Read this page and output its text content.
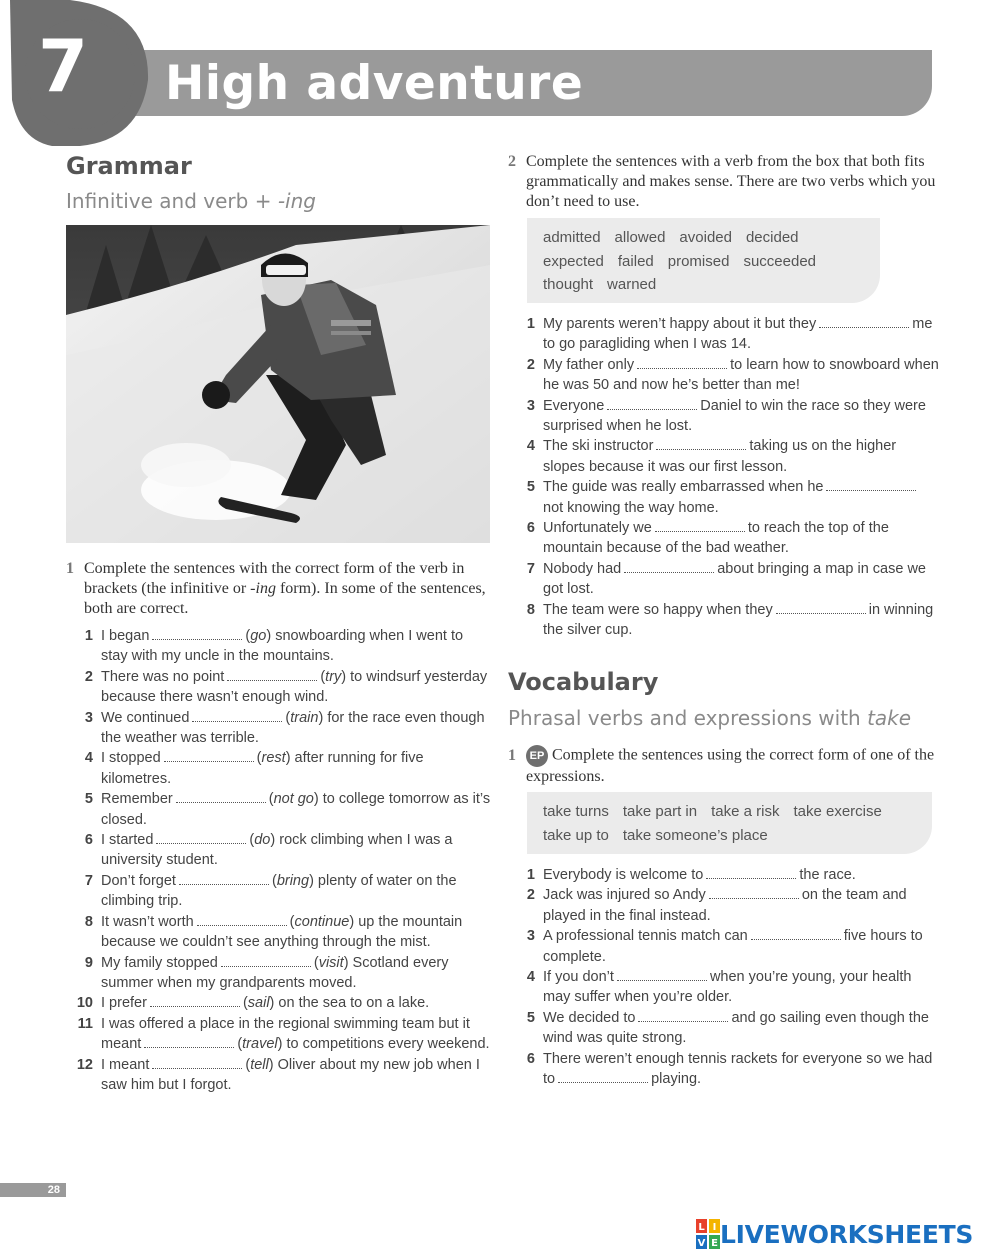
7 High adventure
Grammar
Infinitive and verb + -ing
1 Complete the sentences with the correct form of the verb in brackets (the infinitive or -ing form). In some of the sentences, both are correct.
1 I began	(go) snowboarding when I went to stay with my uncle in the mountains.
2 There was no point	(try) to windsurf yesterday because there wasn’t enough wind.
3 We continued	(train) for the race even though the weather was terrible.
4 I stopped	(rest) after running for five kilometres.
5 Remember	(not go) to college tomorrow as it’s closed.
6 I started	(do) rock climbing when I was a university student.
7 Don’t forget	(bring) plenty of water on the climbing trip.
8 It wasn’t worth	(continue) up the mountain because we couldn’t see anything through the mist.
9 My family stopped	(visit) Scotland every summer when my grandparents moved.
10 I prefer	(sail) on the sea to on a lake.
11 I was offered a place in the regional swimming team but it meant	(travel) to competitions every weekend.
12 I meant	(tell) Oliver about my new job when I saw him but I forgot.
2 Complete the sentences with a verb from the box that both fits grammatically and makes sense. There are two verbs which you don’t need to use.
admitted allowed avoided decided
expected failed promised succeeded
thought warned
1 My parents weren’t happy about it but they	me to go paragliding when I was 14.
2 My father only	to learn how to snowboard when he was 50 and now he’s better than me!
3 Everyone	Daniel to win the race so they were surprised when he lost.
4 The ski instructor	taking us on the higher slopes because it was our first lesson.
5 The guide was really embarrassed when henot knowing the way home.
6 Unfortunately we	to reach the top of the mountain because of the bad weather.
7 Nobody had	about bringing a map in case we got lost.
8 The team were so happy when they	in winning the silver cup.
Vocabulary
Phrasal verbs and expressions with take
1 EP Complete the sentences using the correct form of one of the expressions.
take turns take part in take a risk take exercise
take up to take someone’s place
1 Everybody is welcome to	the race.
2 Jack was injured so Andy	on the team and played in the final instead.
3 A professional tennis match can	five hours to complete.
4 If you don’t	when you’re young, your health may suffer when you’re older.
5 We decided to	and go sailing even though the wind was quite strong.
6 There weren’t enough tennis rackets for everyone so we had to	playing.
28
L I
V E LIVEWORKSHEETS
